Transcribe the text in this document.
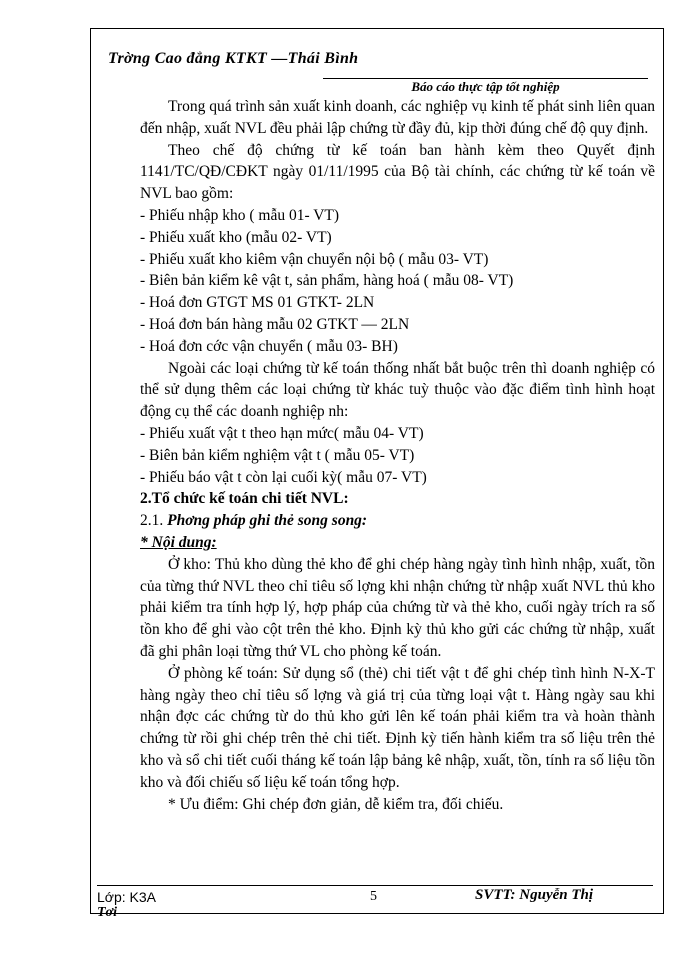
Trờng Cao đẳng KTKT —Thái Bình
Báo cáo thực tập tốt nghiệp

Trong quá trình sản xuất kinh doanh, các nghiệp vụ kinh tế phát sinh liên quan đến nhập, xuất NVL đều phải lập chứng từ đầy đủ, kịp thời đúng chế độ quy định.

Theo chế độ chứng từ kế toán ban hành kèm theo Quyết định 1141/TC/QĐ/CĐKT ngày 01/11/1995 của Bộ tài chính, các chứng từ kế toán về NVL bao gồm:

- Phiếu nhập kho ( mẫu 01- VT)

- Phiếu xuất kho (mẫu 02- VT)

- Phiếu xuất kho kiêm vận chuyển nội bộ ( mẫu 03- VT)

- Biên bản kiểm kê vật t, sản phẩm, hàng hoá ( mẫu 08- VT)

- Hoá đơn GTGT MS 01 GTKT- 2LN

- Hoá đơn bán hàng mẫu 02 GTKT — 2LN

- Hoá đơn cớc vận chuyển ( mẫu 03- BH)

Ngoài các loại chứng từ kế toán thống nhất bắt buộc trên thì doanh nghiệp có thể sử dụng thêm các loại chứng từ khác tuỳ thuộc vào đặc điểm tình hình hoạt động cụ thể các doanh nghiệp nh:

- Phiếu xuất vật t theo hạn mức( mẫu 04- VT)

- Biên bản kiểm nghiệm vật t ( mẫu 05- VT)

- Phiếu báo vật t còn lại cuối kỳ( mẫu 07- VT)

2.Tổ chức kế toán chi tiết NVL:

2.1. Phơng pháp ghi thẻ song song:

* Nội dung:

Ở kho: Thủ kho dùng thẻ kho để ghi chép hàng ngày tình hình nhập, xuất, tồn của từng thứ NVL theo chỉ tiêu số lợng khi nhận chứng từ nhập xuất NVL thủ kho phải kiểm tra tính hợp lý, hợp pháp của chứng từ và thẻ kho, cuối ngày trích ra số tồn kho để ghi vào cột trên thẻ kho. Định kỳ thủ kho gửi các chứng từ nhập, xuất đã ghi phân loại từng thứ VL cho phòng kế toán.

Ở phòng kế toán: Sử dụng sổ (thẻ) chi tiết vật t để ghi chép tình hình N-X-T hàng ngày theo chỉ tiêu số lợng và giá trị của từng loại vật t. Hàng ngày sau khi nhận đợc các chứng từ do thủ kho gửi lên kế toán phải kiểm tra và hoàn thành chứng từ rồi ghi chép trên thẻ chi tiết. Định kỳ tiến hành kiểm tra số liệu trên thẻ kho và sổ chi tiết cuối tháng kế toán lập bảng kê nhập, xuất, tồn, tính ra số liệu tồn kho và đối chiếu số liệu kế toán tổng hợp.

* Ưu điểm: Ghi chép đơn giản, dễ kiểm tra, đối chiếu.

Lớp: K3A	5	SVTT: Nguyễn Thị
Tơi
